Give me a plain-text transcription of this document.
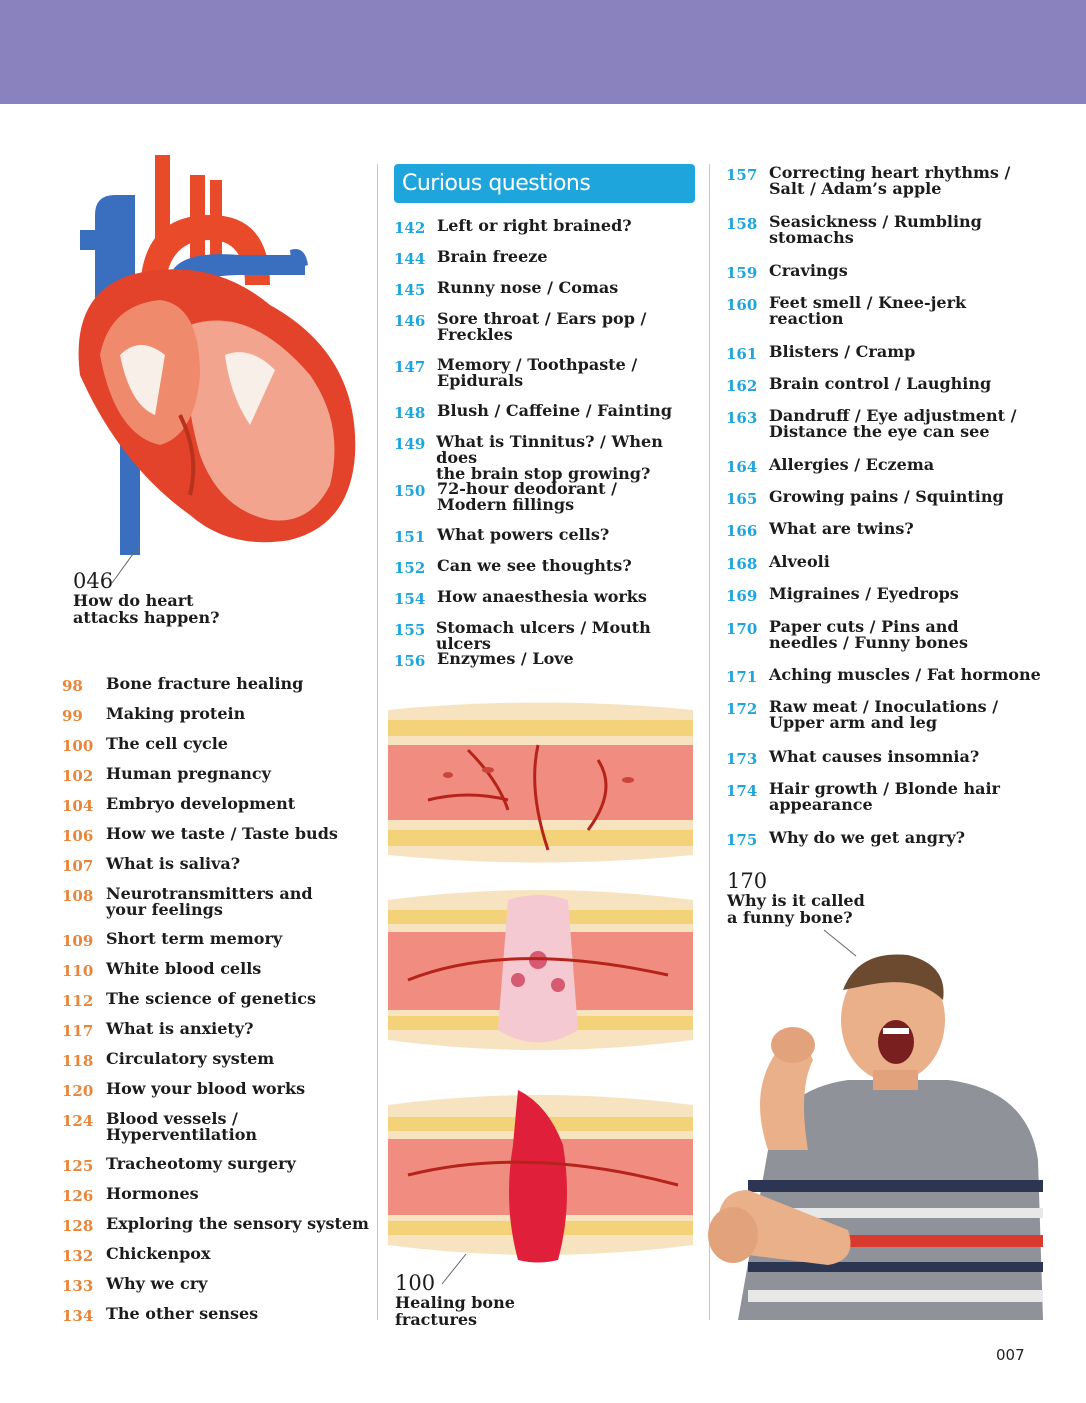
046
How do heart
attacks happen?
98	Bone fracture healing
99	Making protein
100 The cell cycle
102 Human pregnancy
104 Embryo development
106 How we taste / Taste buds
107 What is saliva?
108 Neurotransmitters and
your feelings
109 Short term memory
110 White blood cells
112 The science of genetics
117 What is anxiety?
118 Circulatory system
120 How your blood works
124 Blood vessels /
Hyperventilation
125 Tracheotomy surgery
126 Hormones
128 Exploring the sensory system
132 Chickenpox
133 Why we cry
134 The other senses
Curious questions
142 Left or right brained?
144 Brain freeze
145 Runny nose / Comas
146 Sore throat / Ears pop /
Freckles
147 Memory / Toothpaste /
Epidurals
148 Blush / Caffeine / Fainting
149 What is Tinnitus? / When does
the brain stop growing?
150 72-hour deodorant /
Modern fillings
151 What powers cells?
152 Can we see thoughts?
154 How anaesthesia works
155 Stomach ulcers / Mouth ulcers
156 Enzymes / Love
100
Healing bone
fractures
157 Correcting heart rhythms /
Salt / Adam’s apple
158 Seasickness / Rumbling
stomachs
159 Cravings
160 Feet smell / Knee-jerk
reaction
161 Blisters / Cramp
162 Brain control / Laughing
163 Dandruff / Eye adjustment /
Distance the eye can see
164 Allergies / Eczema
165 Growing pains / Squinting
166 What are twins?
168 Alveoli
169 Migraines / Eyedrops
170 Paper cuts / Pins and
needles / Funny bones
171 Aching muscles / Fat hormone
172 Raw meat / Inoculations /
Upper arm and leg
173 What causes insomnia?
174 Hair growth / Blonde hair
appearance
175 Why do we get angry?
170
Why is it called
a funny bone?
007
